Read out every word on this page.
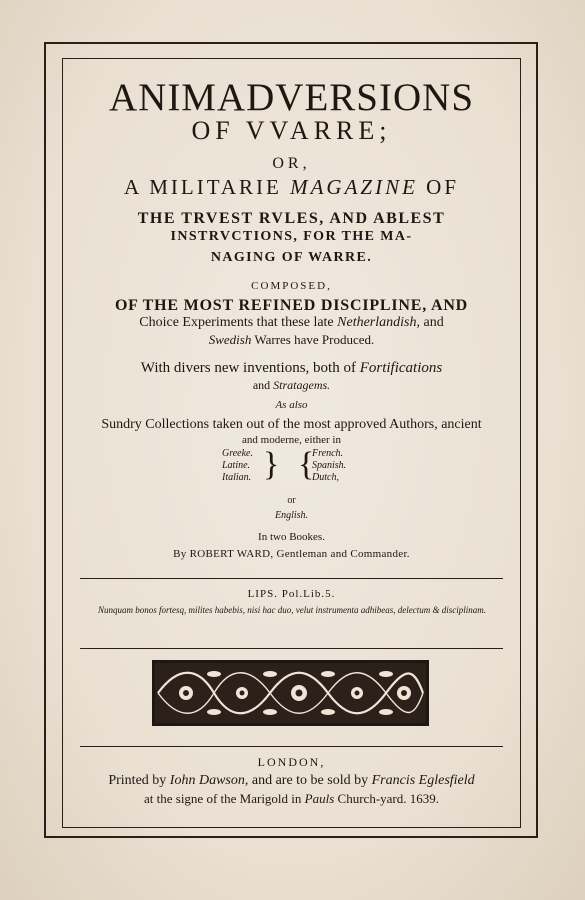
ANIMADVERSIONS
OF VVARRE;
OR,
A MILITARIE MAGAZINE OF
THE TRVEST RVLES, AND ABLEST
INSTRVCTIONS, FOR THE MA-
NAGING OF WARRE.
COMPOSED,
OF THE MOST REFINED DISCIPLINE, AND
Choice Experiments that these late Netherlandish, and
Swedish Warres have Produced.
With divers new inventions, both of Fortifications
and Stratagems.
As also
Sundry Collections taken out of the most approved Authors, ancient
and moderne, either in
Greeke.
Latine.
Italian. } {
French.
Spanish.
Dutch,
or
English.
In two Bookes.
By ROBERT WARD, Gentleman and Commander.
LIPS. Pol.Lib.5.
Nunquam bonos fortesq, milites habebis, nisi hac duo, velut instrumenta adhibeas, delectum & disciplinam.
LONDON,
Printed by Iohn Dawson, and are to be sold by Francis Eglesfield
at the signe of the Marigold in Pauls Church-yard. 1639.
